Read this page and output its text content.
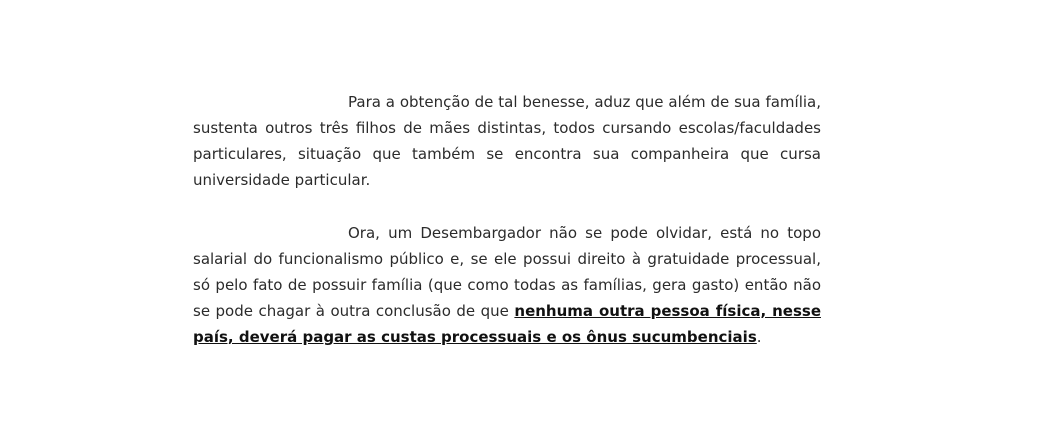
Para a obtenção de tal benesse, aduz que além de sua família, sustenta outros três filhos de mães distintas, todos cursando escolas/faculdades particulares, situação que também se encontra sua companheira que cursa universidade particular.

Ora, um Desembargador não se pode olvidar, está no topo salarial do funcionalismo público e, se ele possui direito à gratuidade processual, só pelo fato de possuir família (que como todas as famílias, gera gasto) então não se pode chagar à outra conclusão de que nenhuma outra pessoa física, nesse país, deverá pagar as custas processuais e os ônus sucumbenciais.
